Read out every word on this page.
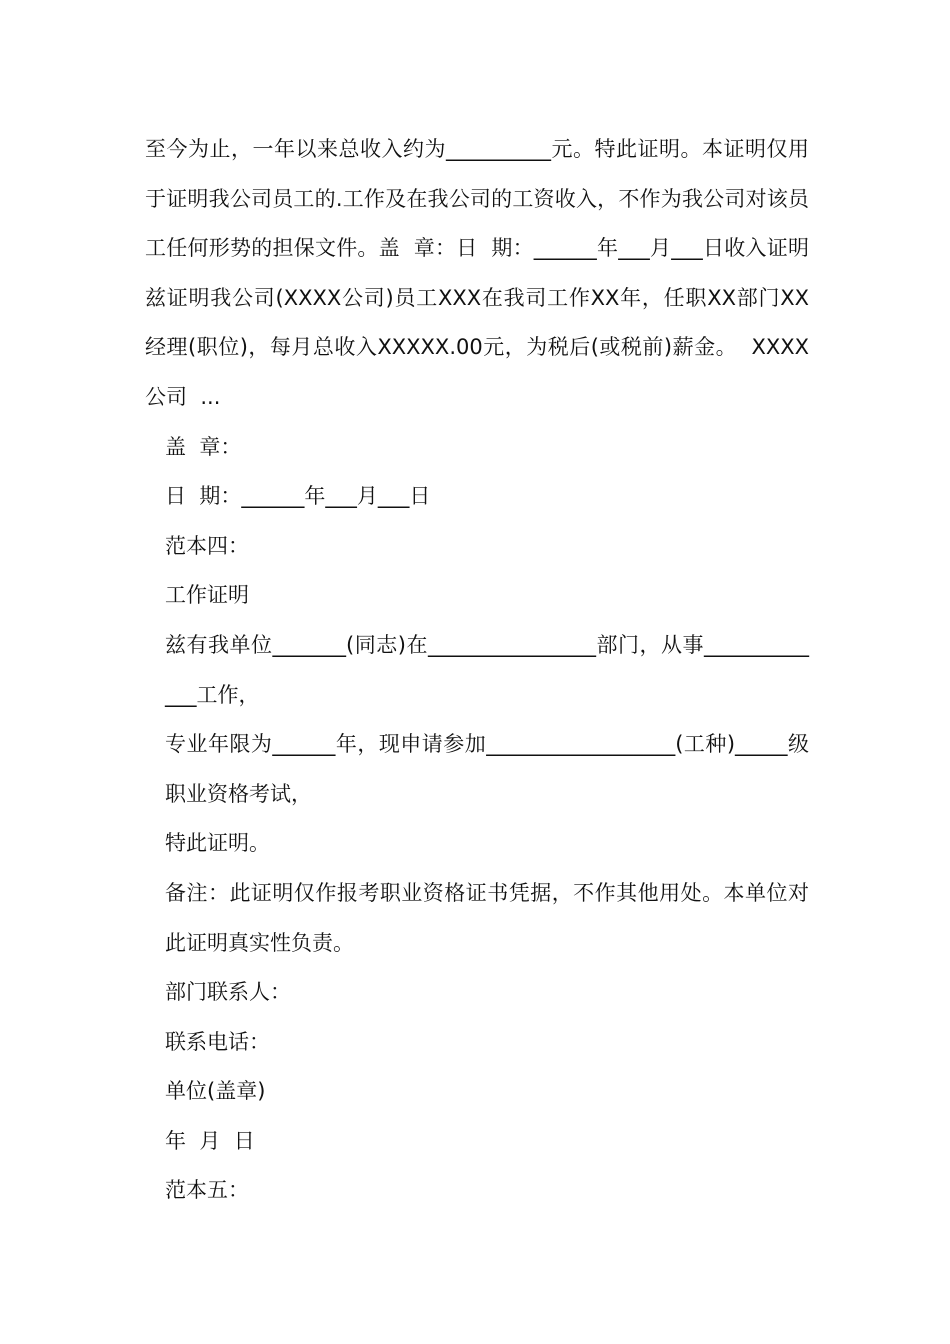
至今为止，一年以来总收入约为__________元。特此证明。本证明仅用于证明我公司员工的.工作及在我公司的工资收入，不作为我公司对该员工任何形势的担保文件。盖  章：日  期：______年___月___日收入证明  兹证明我公司(XXXX公司)员工XXX在我司工作XX年，任职XX部门XX经理(职位)，每月总收入XXXXX.00元，为税后(或税前)薪金。  XXXX公司  ...

盖  章：

日  期：______年___月___日

范本四：

工作证明

兹有我单位_______(同志)在________________部门，从事_____________工作，

专业年限为______年，现申请参加__________________(工种)_____级职业资格考试，

特此证明。

备注：此证明仅作报考职业资格证书凭据，不作其他用处。本单位对此证明真实性负责。

部门联系人：

联系电话：

单位(盖章)

年  月  日

范本五：
